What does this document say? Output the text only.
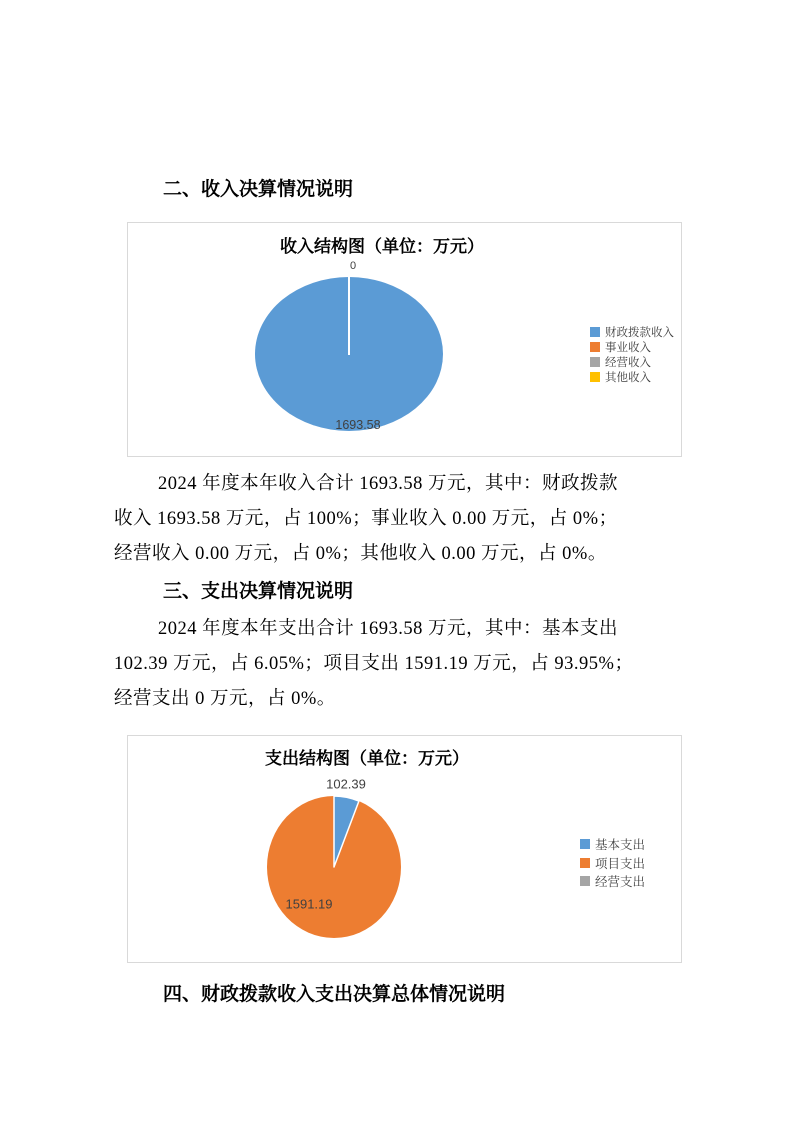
二、收入决算情况说明
收入结构图（单位：万元）
0
1693.58
财政拨款收入
事业收入
经营收入
其他收入
2024 年度本年收入合计 1693.58 万元，其中：财政拨款
收入 1693.58 万元，占 100%；事业收入 0.00 万元，占 0%；
经营收入 0.00 万元，占 0%；其他收入 0.00 万元，占 0%。
三、支出决算情况说明
2024 年度本年支出合计 1693.58 万元，其中：基本支出
102.39 万元，占 6.05%；项目支出 1591.19 万元，占 93.95%；
经营支出 0 万元，占 0%。
支出结构图（单位：万元）
102.39
1591.19
基本支出
项目支出
经营支出
四、财政拨款收入支出决算总体情况说明
